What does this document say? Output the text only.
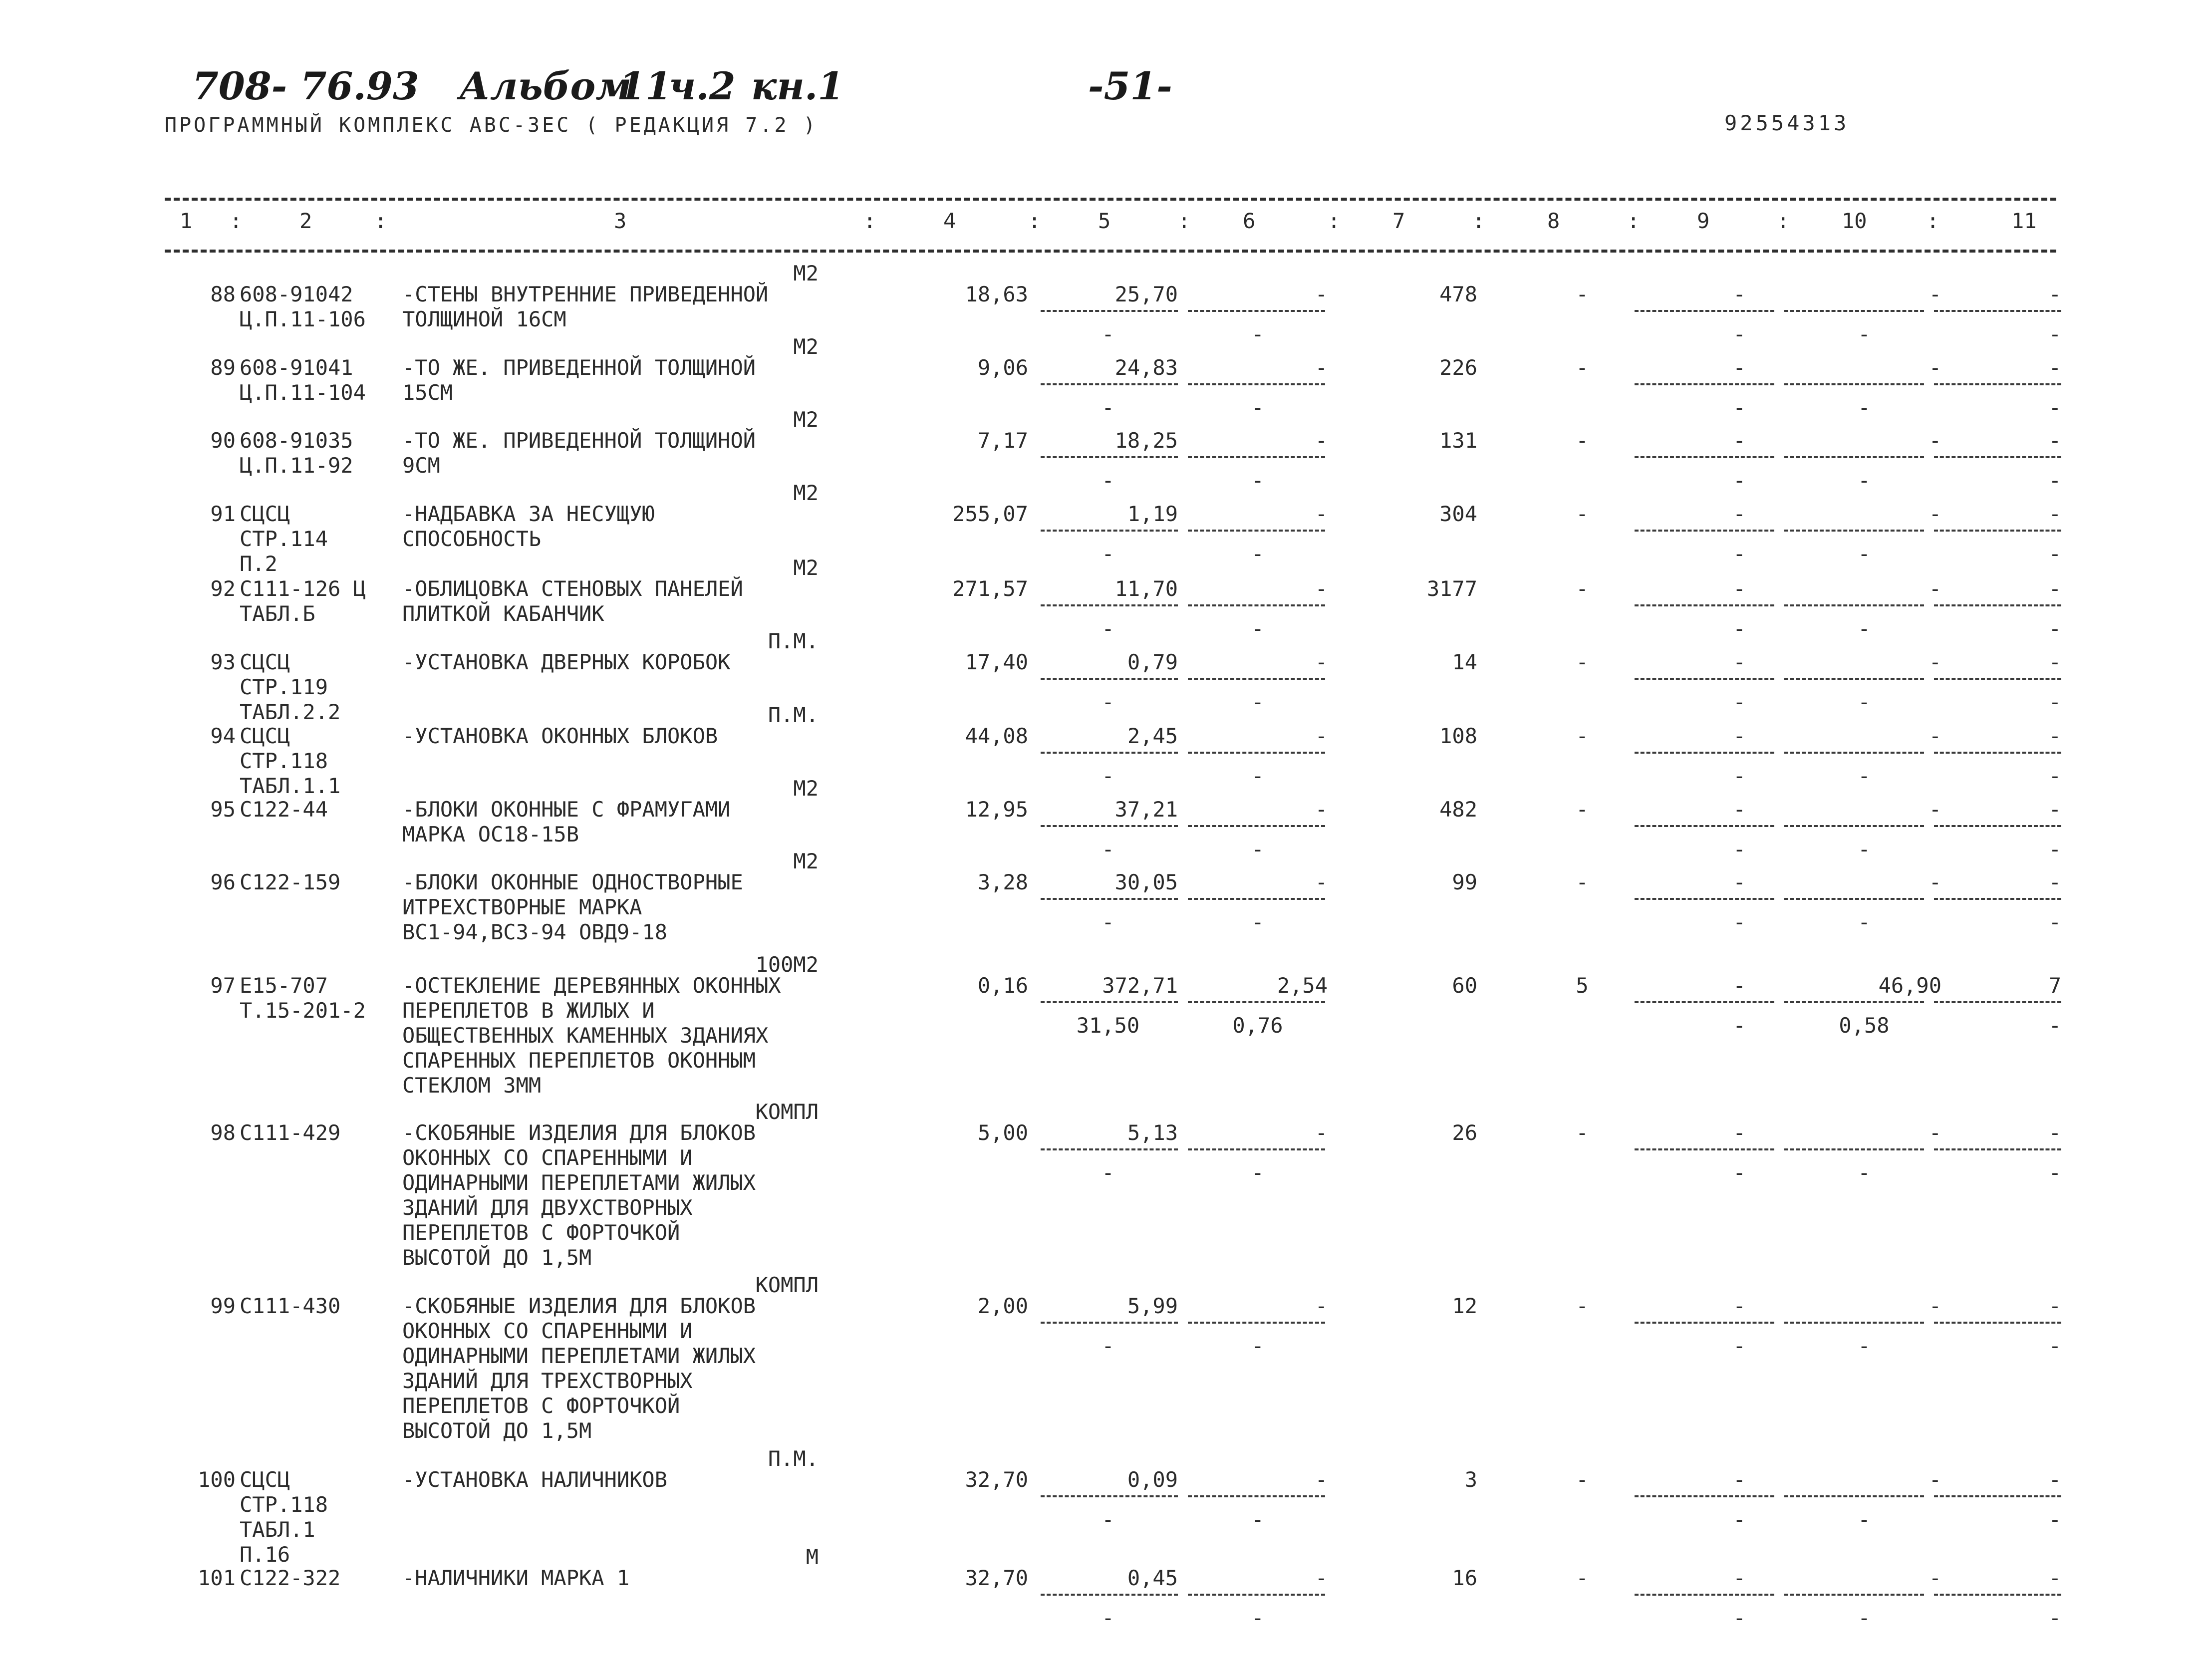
708- 76.93 Альбом
11
ч.2 кн.1	-51-
ПРОГРАММНЫЙ КОМПЛЕКС АВС-3ЕС ( РЕДАКЦИЯ 7.2 )	92554313
1 :	2	:	3	:	4	:	5	: 6	: 7	:	8	:	9	: 10	:	11
М2
88 608-91042
Ц.П.11-106
-СТЕНЫ ВНУТРЕННИЕ ПРИВЕДЕННОЙ
ТОЛЩИНОЙ 16СМ
18,63	25,70	-	478	-	-	-	-
-	-	-	-	-
М2
89 608-91041
Ц.П.11-104
-ТО ЖЕ. ПРИВЕДЕННОЙ ТОЛЩИНОЙ
15СМ
9,06	24,83	-	226	-	-	-	-
-	-	-	-	-
М2
90 608-91035
Ц.П.11-92
-ТО ЖЕ. ПРИВЕДЕННОЙ ТОЛЩИНОЙ
9СМ
7,17	18,25	-	131	-	-	-	-
-	-	-	-	-
М2
91 СЦСЦ
СТР.114
П.2
-НАДБАВКА ЗА НЕСУЩУЮ
СПОСОБНОСТЬ
255,07	1,19	-	304	-	-	-	-
-	-	-	-	-
М2
92 С111-126 Ц
ТАБЛ.Б
-ОБЛИЦОВКА СТЕНОВЫХ ПАНЕЛЕЙ
ПЛИТКОЙ КАБАНЧИК
271,57	11,70	-	3177	-	-	-	-
-	-	-	-	-
П.М.
93 СЦСЦ
СТР.119
ТАБЛ.2.2
-УСТАНОВКА ДВЕРНЫХ КОРОБОК	17,40	0,79	-	14	-	-	-	-
-	-	-	-	-
П.М.
94 СЦСЦ
СТР.118
ТАБЛ.1.1
-УСТАНОВКА ОКОННЫХ БЛОКОВ	44,08	2,45	-	108	-	-	-	-
-	-	-	-	-
М2
95 С122-44	-БЛОКИ ОКОННЫЕ С ФРАМУГАМИ
МАРКА ОС18-15В
12,95	37,21	-	482	-	-	-	-
-	-	-	-	-
М2
96 С122-159	-БЛОКИ ОКОННЫЕ ОДНОСТВОРНЫЕ
ИТРЕХСТВОРНЫЕ МАРКА
ВС1-94,ВС3-94 ОВД9-18
3,28	30,05	-	99	-	-	-	-
-	-	-	-	-
100М2
97 Е15-707
Т.15-201-2
-ОСТЕКЛЕНИЕ ДЕРЕВЯННЫХ ОКОННЫХ
ПЕРЕПЛЕТОВ В ЖИЛЫХ И
ОБЩЕСТВЕННЫХ КАМЕННЫХ ЗДАНИЯХ
СПАРЕННЫХ ПЕРЕПЛЕТОВ ОКОННЫМ
СТЕКЛОМ 3ММ
0,16	372,71	2,54	60	5	-	46,90	7
31,50	0,76	-	0,58	-
КОМПЛ
98 С111-429	-СКОБЯНЫЕ ИЗДЕЛИЯ ДЛЯ БЛОКОВ
ОКОННЫХ СО СПАРЕННЫМИ И
ОДИНАРНЫМИ ПЕРЕПЛЕТАМИ ЖИЛЫХ
ЗДАНИЙ ДЛЯ ДВУХСТВОРНЫХ
ПЕРЕПЛЕТОВ С ФОРТОЧКОЙ
ВЫСОТОЙ ДО 1,5М
5,00	5,13	-	26	-	-	-	-
-	-	-	-	-
КОМПЛ
99 С111-430	-СКОБЯНЫЕ ИЗДЕЛИЯ ДЛЯ БЛОКОВ
ОКОННЫХ СО СПАРЕННЫМИ И
ОДИНАРНЫМИ ПЕРЕПЛЕТАМИ ЖИЛЫХ
ЗДАНИЙ ДЛЯ ТРЕХСТВОРНЫХ
ПЕРЕПЛЕТОВ С ФОРТОЧКОЙ
ВЫСОТОЙ ДО 1,5М
2,00	5,99	-	12	-	-	-	-
-	-	-	-	-
П.М.
100 СЦСЦ
СТР.118
ТАБЛ.1
П.16
-УСТАНОВКА НАЛИЧНИКОВ	32,70	0,09	-	3	-	-	-	-
-	-	-	-	-
М
101 С122-322	-НАЛИЧНИКИ МАРКА 1	32,70	0,45	-	16	-	-	-	-
-	-	-	-	-
